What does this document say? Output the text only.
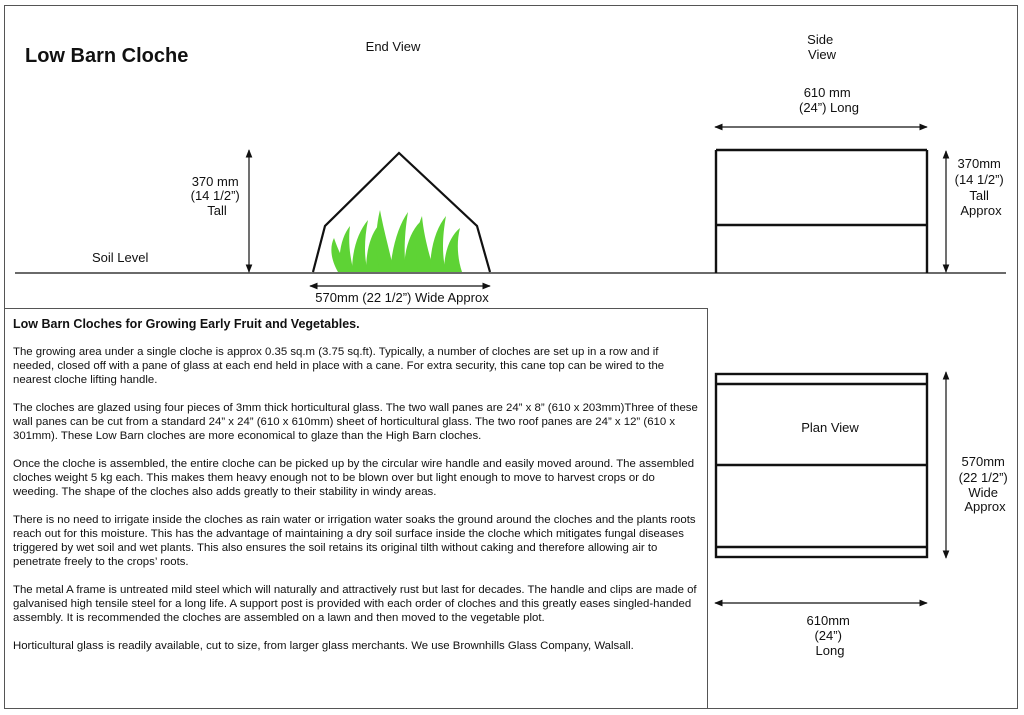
Low Barn Cloche
Soil Level
End View
370 mm (14 1/2”) Tall
570mm (22 1/2”) Wide Approx
Side View
610 mm (24”) Long
370mm (14 1/2”) Tall Approx
Plan View
570mm (22 1/2”) Wide Approx
610mm (24”) Long
Low Barn Cloches for Growing Early Fruit and Vegetables.

The growing area under a single cloche is approx 0.35 sq.m (3.75 sq.ft). Typically, a number of cloches are set up in a row and if needed, closed off with a pane of glass at each end held in place with a cane. For extra security, this cane top can be wired to the nearest cloche lifting handle.

The cloches are glazed using four pieces of 3mm thick horticultural glass. The two wall panes are 24” x 8” (610 x 203mm)Three of these wall panes can be cut from a standard 24” x 24” (610 x 610mm) sheet of horticultural glass. The two roof panes are 24” x 12” (610 x 301mm). These Low Barn cloches are more economical to glaze than the High Barn cloches.

Once the cloche is assembled, the entire cloche can be picked up by the circular wire handle and easily moved around. The assembled cloches weight 5 kg each. This makes them heavy enough not to be blown over but light enough to move to harvest crops or do weeding. The shape of the cloches also adds greatly to their stability in windy areas.

There is no need to irrigate inside the cloches as rain water or irrigation water soaks the ground around the cloches and the plants roots reach out for this moisture. This has the advantage of maintaining a dry soil surface inside the cloche which mitigates fungal diseases triggered by wet soil and wet plants. This also ensures the soil retains its original tilth without caking and therefore allowing air to penetrate freely to the crops’ roots.

The metal A frame is untreated mild steel which will naturally and attractively rust but last for decades. The handle and clips are made of galvanised high tensile steel for a long life. A support post is provided with each order of cloches and this greatly eases singled-handed assembly. It is recommended the cloches are assembled on a lawn and then moved to the vegetable plot.

Horticultural glass is readily available, cut to size, from larger glass merchants. We use Brownhills Glass Company, Walsall.
